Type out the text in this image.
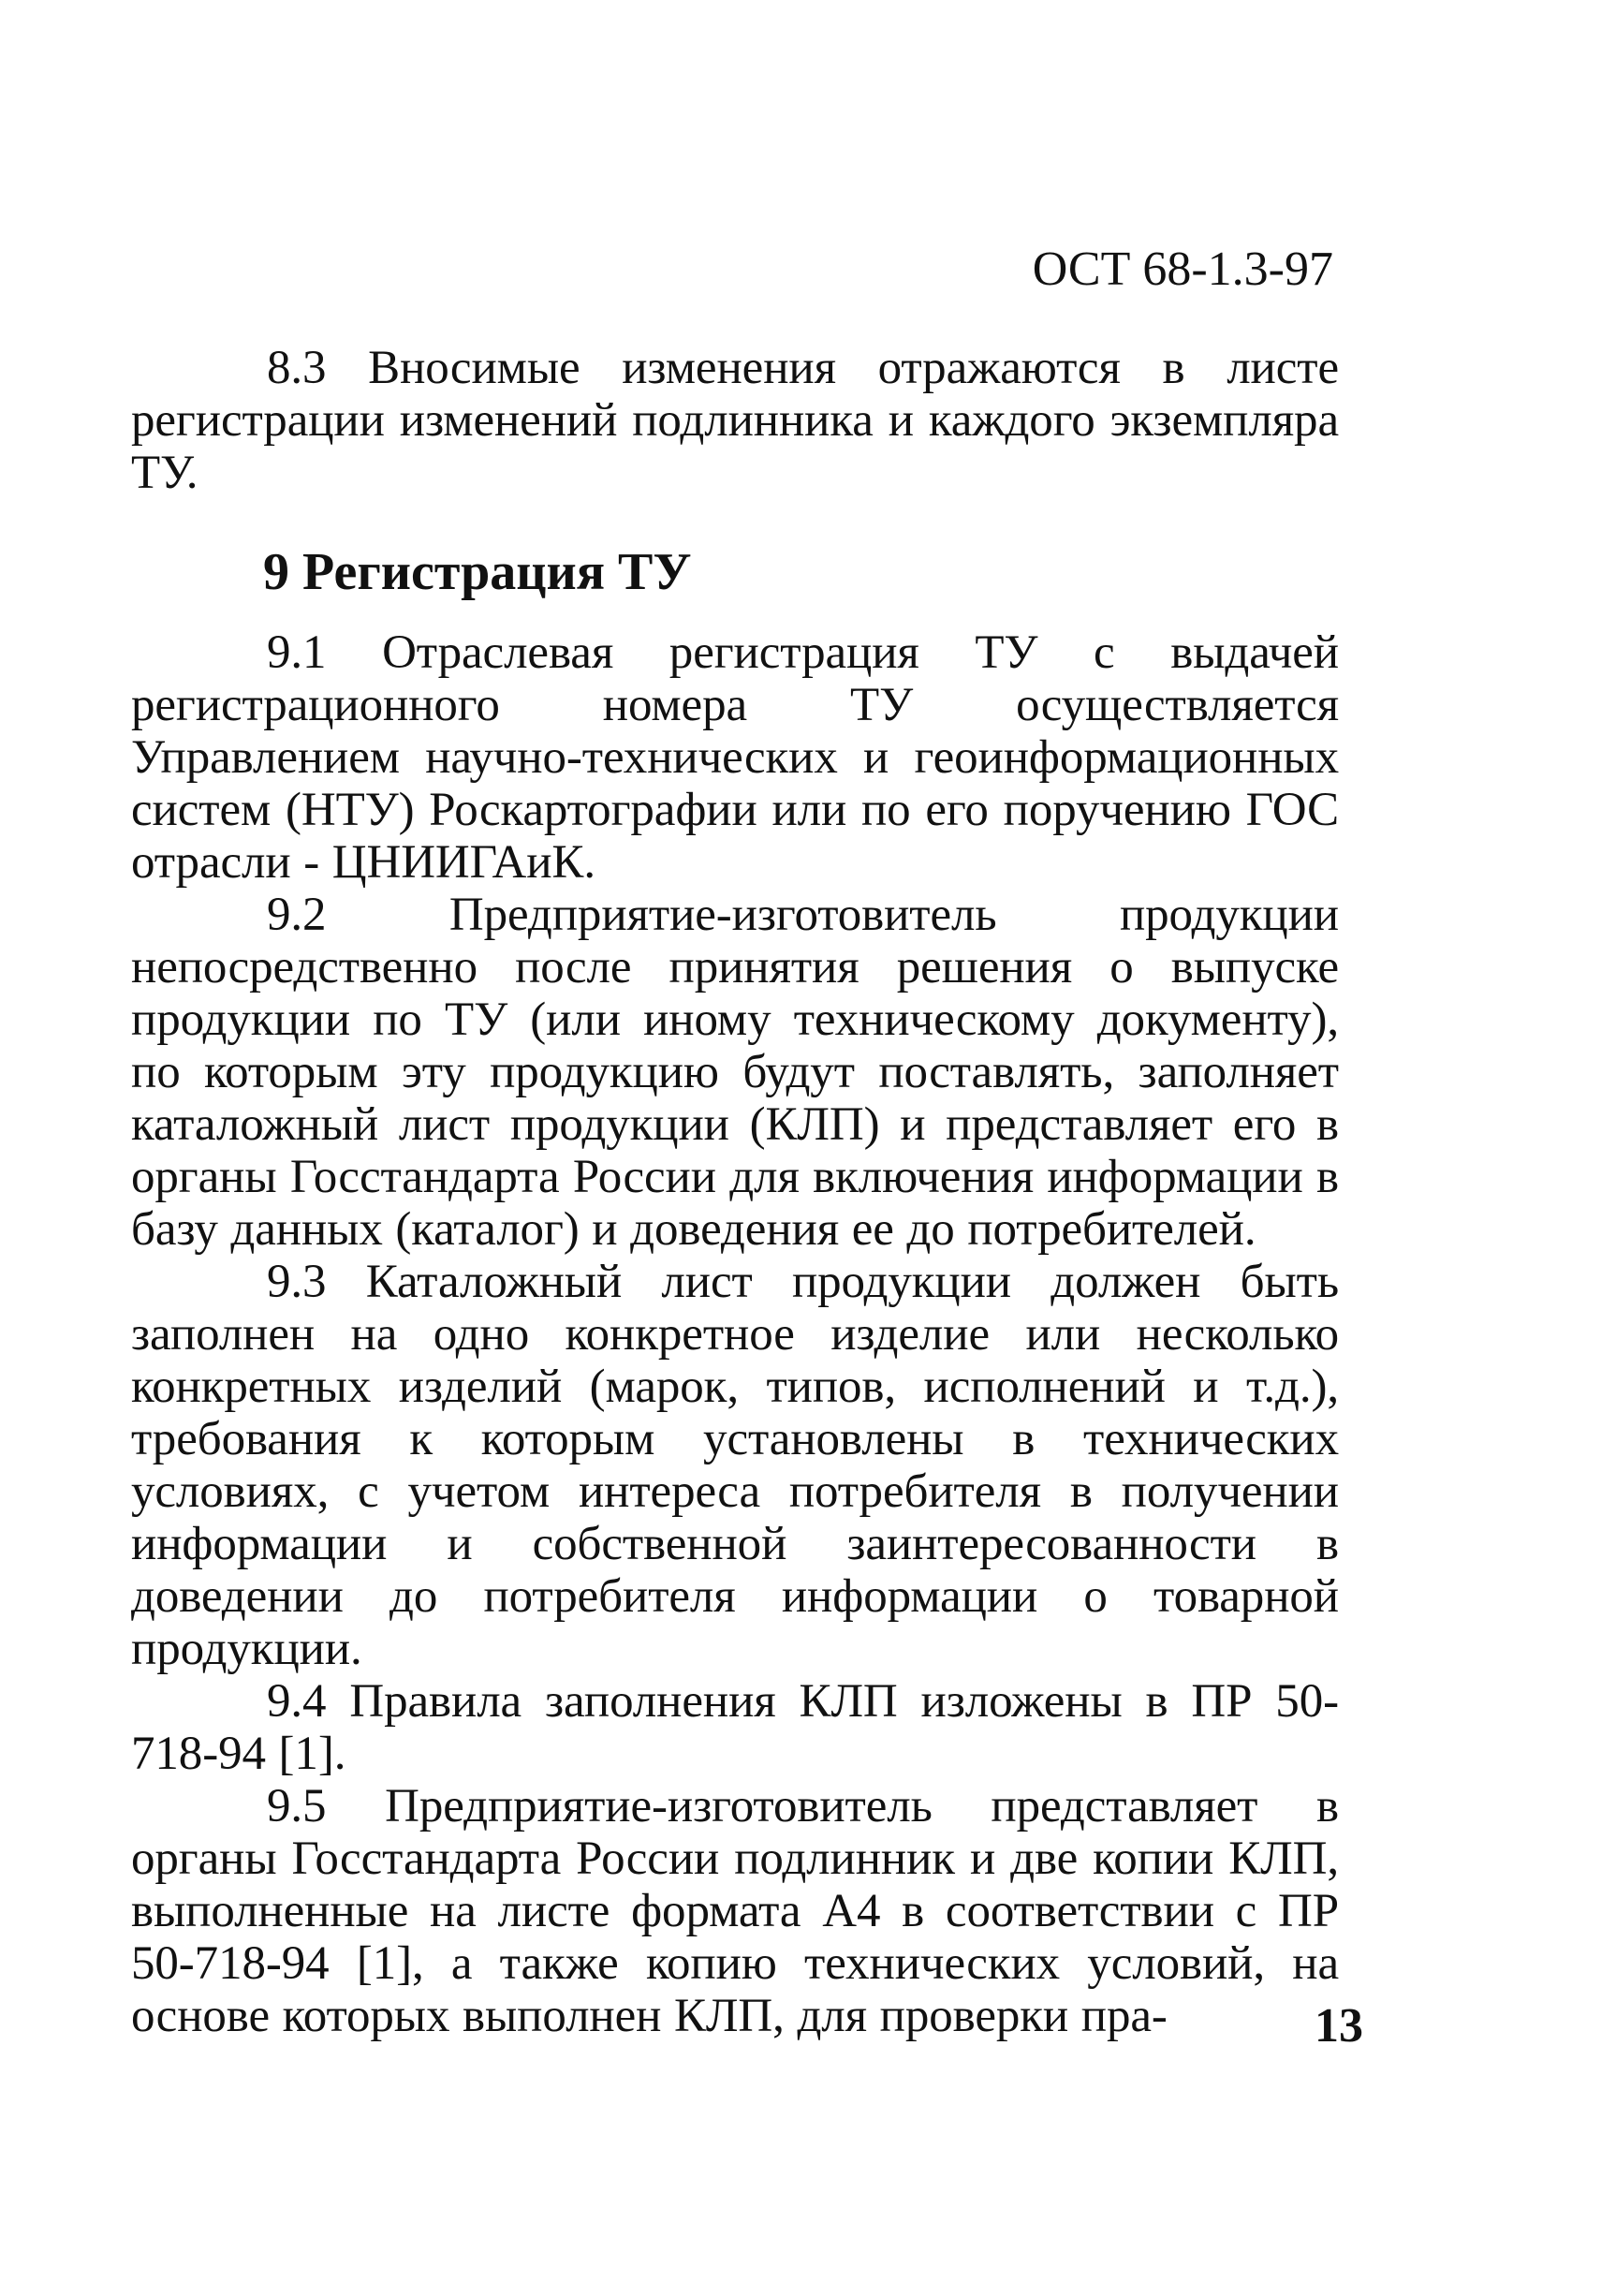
ОСТ 68-1.3-97

8.3 Вносимые изменения отражаются в листе регистрации изменений подлинника и каждого экземпляра ТУ.

9 Регистрация ТУ

9.1 Отраслевая регистрация ТУ с выдачей регистрационного номера ТУ осуществляется Управлением научно-технических и геоинформационных систем (НТУ) Роскартографии или по его поручению ГОС отрасли - ЦНИИГАиК.

9.2 Предприятие-изготовитель продукции непосредственно после принятия решения о выпуске продукции по ТУ (или иному техническому документу), по которым эту продукцию будут поставлять, заполняет каталожный лист продукции (КЛП) и представляет его в органы Госстандарта России для включения информации в базу данных (каталог) и доведения ее до потребителей.

9.3 Каталожный лист продукции должен быть заполнен на одно конкретное изделие или несколько конкретных изделий (марок, типов, исполнений и т.д.), требования к которым установлены в технических условиях, с учетом интереса потребителя в получении информации и собственной заинтересованности в доведении до потребителя информации о товарной продукции.

9.4 Правила заполнения КЛП изложены в ПР 50-718-94 [1].

9.5 Предприятие-изготовитель представляет в органы Госстандарта России подлинник и две копии КЛП, выполненные на листе формата А4 в соответствии с ПР 50-718-94 [1], а также копию технических условий, на основе которых выполнен КЛП, для проверки пра-	13
